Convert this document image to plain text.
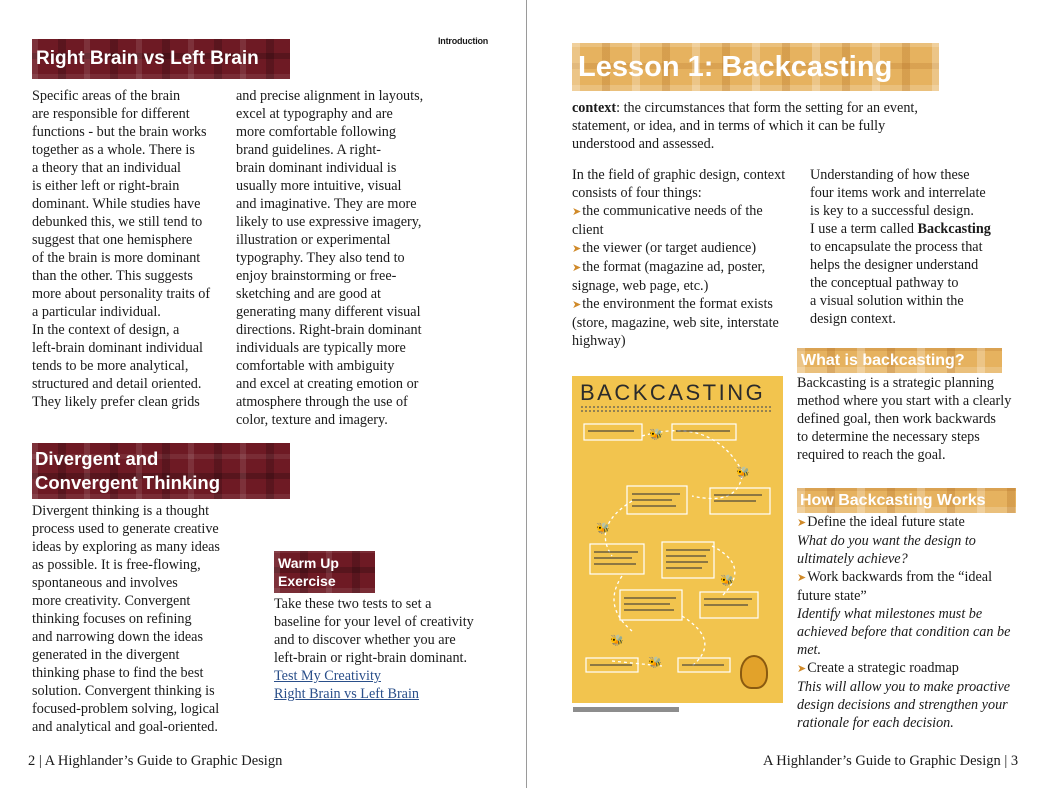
Introduction
Right Brain vs Left Brain
Specific areas of the brain
are responsible for different
functions - but the brain works
together as a whole. There is
a theory that an individual
is either left or right-brain
dominant. While studies have
debunked this, we still tend to
suggest that one hemisphere
of the brain is more dominant
than the other. This suggests
more about personality traits of
a particular individual.
In the context of design, a
left-brain dominant individual
tends to be more analytical,
structured and detail oriented.
They likely prefer clean grids
and precise alignment in layouts,
excel at typography and are
more comfortable following
brand guidelines. A right-
brain dominant individual is
usually more intuitive, visual
and imaginative. They are more
likely to use expressive imagery,
illustration or experimental
typography. They also tend to
enjoy brainstorming or free-
sketching and are good at
generating many different visual
directions. Right-brain dominant
individuals are typically more
comfortable with ambiguity
and excel at creating emotion or
atmosphere through the use of
color, texture and imagery.
Divergent and
Convergent Thinking
Divergent thinking is a thought
process used to generate creative
ideas by exploring as many ideas
as possible. It is free-flowing,
spontaneous and involves
more creativity. Convergent
thinking focuses on refining
and narrowing down the ideas
generated in the divergent
thinking phase to find the best
solution. Convergent thinking is
focused-problem solving, logical
and analytical and goal-oriented.
Warm Up
Exercise
Take these two tests to set a
baseline for your level of creativity
and to discover whether you are
left-brain or right-brain dominant.
Test My Creativity
Right Brain vs Left Brain
2 | A Highlander’s Guide to Graphic Design
Lesson 1: Backcasting
context: the circumstances that form the setting for an event,
statement, or idea, and in terms of which it can be fully
understood and assessed.
In the field of graphic design, context
consists of four things:
➤the communicative needs of the
client
➤the viewer (or target audience)
➤the format (magazine ad, poster,
signage, web page, etc.)
➤the environment the format exists
(store, magazine, web site, interstate
highway)
Understanding of how these
four items work and interrelate
is key to a successful design.
I use a term called Backcasting
to encapsulate the process that
helps the designer understand
the conceptual pathway to
a visual solution within the
design context.
BACKCASTING
🐝
🐝
🐝
🐝
🐝
🐝
What is backcasting?
Backcasting is a strategic planning
method where you start with a clearly
defined goal, then work backwards
to determine the necessary steps
required to reach the goal.
How Backcasting Works
➤Define the ideal future state
What do you want the design to
ultimately achieve?
➤Work backwards from the “ideal
future state”
Identify what milestones must be
achieved before that condition can be
met.
➤Create a strategic roadmap
This will allow you to make proactive
design decisions and strengthen your
rationale for each decision.
A Highlander’s Guide to Graphic Design | 3
